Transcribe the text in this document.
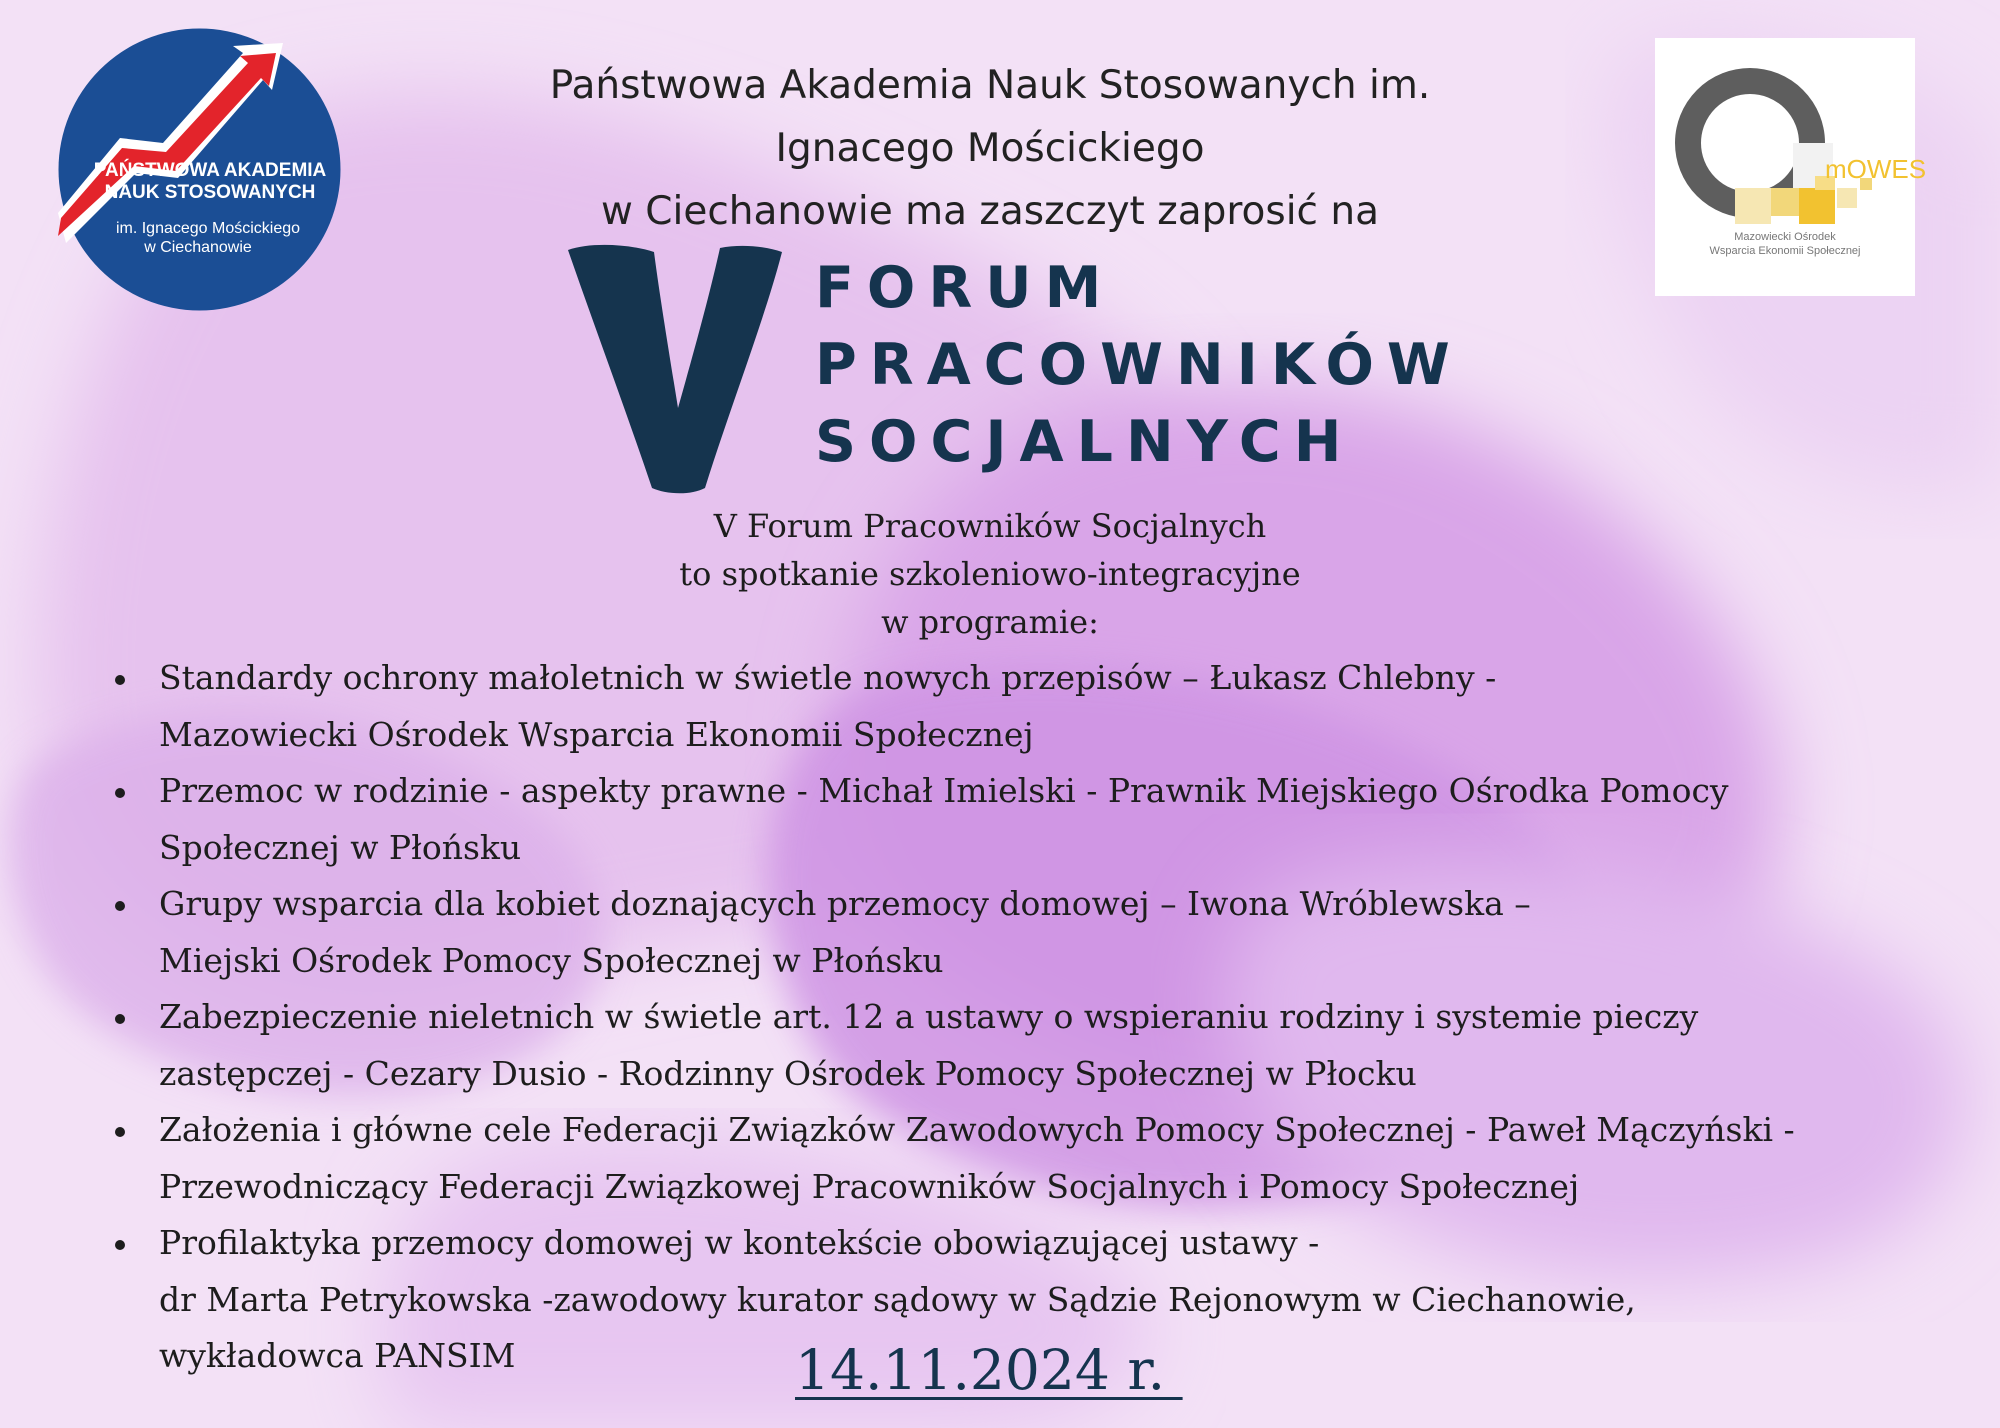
PAŃSTWOWA AKADEMIA
NAUK STOSOWANYCH
im. Ignacego Mościckiego
w Ciechanowie
mOWES
Mazowiecki Ośrodek
Wsparcia Ekonomii Społecznej
Państwowa Akademia Nauk Stosowanych im.
Ignacego Mościckiego
w Ciechanowie ma zaszczyt zaprosić na
V
FORUM
PRACOWNIKÓW
SOCJALNYCH
V Forum Pracowników Socjalnych
to spotkanie szkoleniowo-integracyjne
w programie:
Standardy ochrony małoletnich w świetle nowych przepisów – Łukasz Chlebny -
Mazowiecki Ośrodek Wsparcia Ekonomii Społecznej
Przemoc w rodzinie - aspekty prawne - Michał Imielski - Prawnik Miejskiego Ośrodka Pomocy
Społecznej w Płońsku
Grupy wsparcia dla kobiet doznających przemocy domowej – Iwona Wróblewska –
Miejski Ośrodek Pomocy Społecznej w Płońsku
Zabezpieczenie nieletnich w świetle art. 12 a ustawy o wspieraniu rodziny i systemie pieczy
zastępczej - Cezary Dusio - Rodzinny Ośrodek Pomocy Społecznej w Płocku
Założenia i główne cele Federacji Związków Zawodowych Pomocy Społecznej - Paweł Mączyński -
Przewodniczący Federacji Związkowej Pracowników Socjalnych i Pomocy Społecznej
Profilaktyka przemocy domowej w kontekście obowiązującej ustawy -
dr Marta Petrykowska -zawodowy kurator sądowy w Sądzie Rejonowym w Ciechanowie,
wykładowca PANSIM	14.11.2024 r.
